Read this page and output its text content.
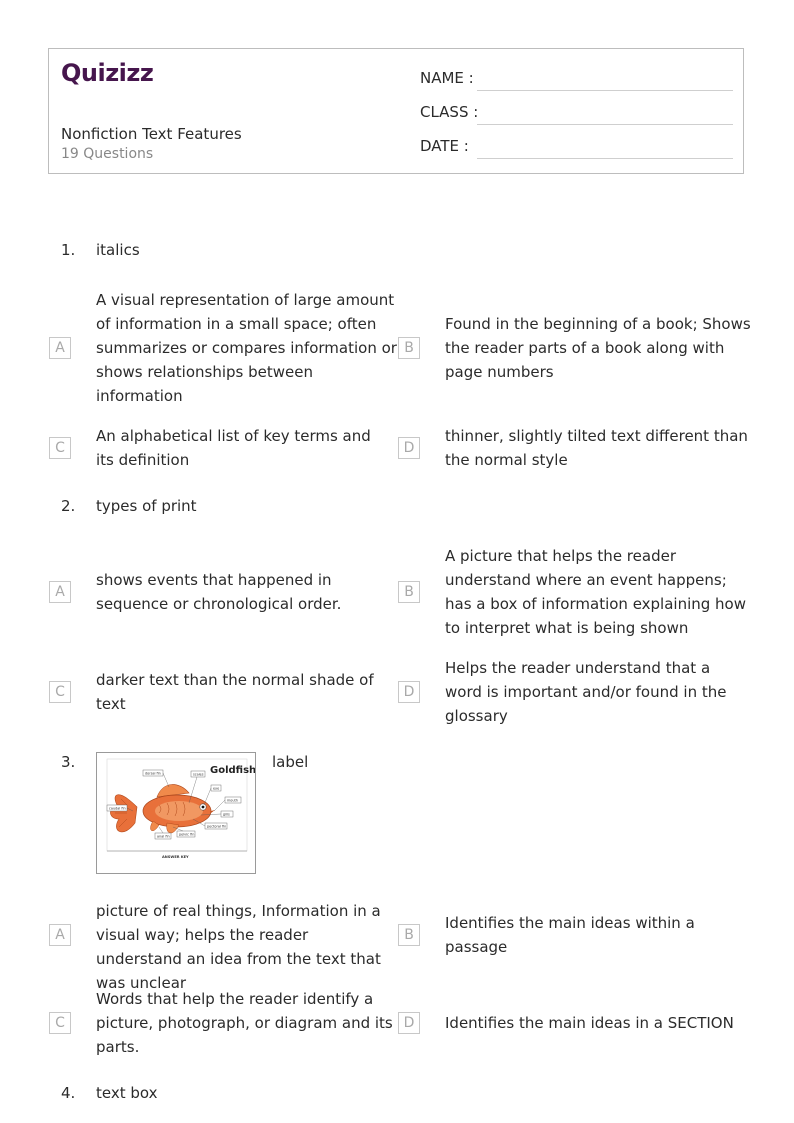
Quizizz
Nonfiction Text Features
19 Questions
NAME :
CLASS :
DATE :
1. italics
A
A visual representation of large amount of information in a small space; often summarizes or compares information or shows relationships between information
B
Found in the beginning of a book; Shows the reader parts of a book along with page numbers
C
An alphabetical list of key terms and its definition
D
thinner, slightly tilted text different than the normal style
2. types of print
A
shows events that happened in sequence or chronological order.
B
A picture that helps the reader understand where an event happens; has a box of information explaining how to interpret what is being shown
C
darker text than the normal shade of text
D
Helps the reader understand that a word is important and/or found in the glossary
3.	Goldfish
dorsal fin	scales
eye
mouth
caudal fin
gills
anal fin	pelvic fin
pectoral fin
ANSWER KEY
label
A
picture of real things, Information in a visual way; helps the reader understand an idea from the text that was unclear
B
Identifies the main ideas within a passage
C
Words that help the reader identify a picture, photograph, or diagram and its parts.
D	Identifies the main ideas in a SECTION
4. text box
